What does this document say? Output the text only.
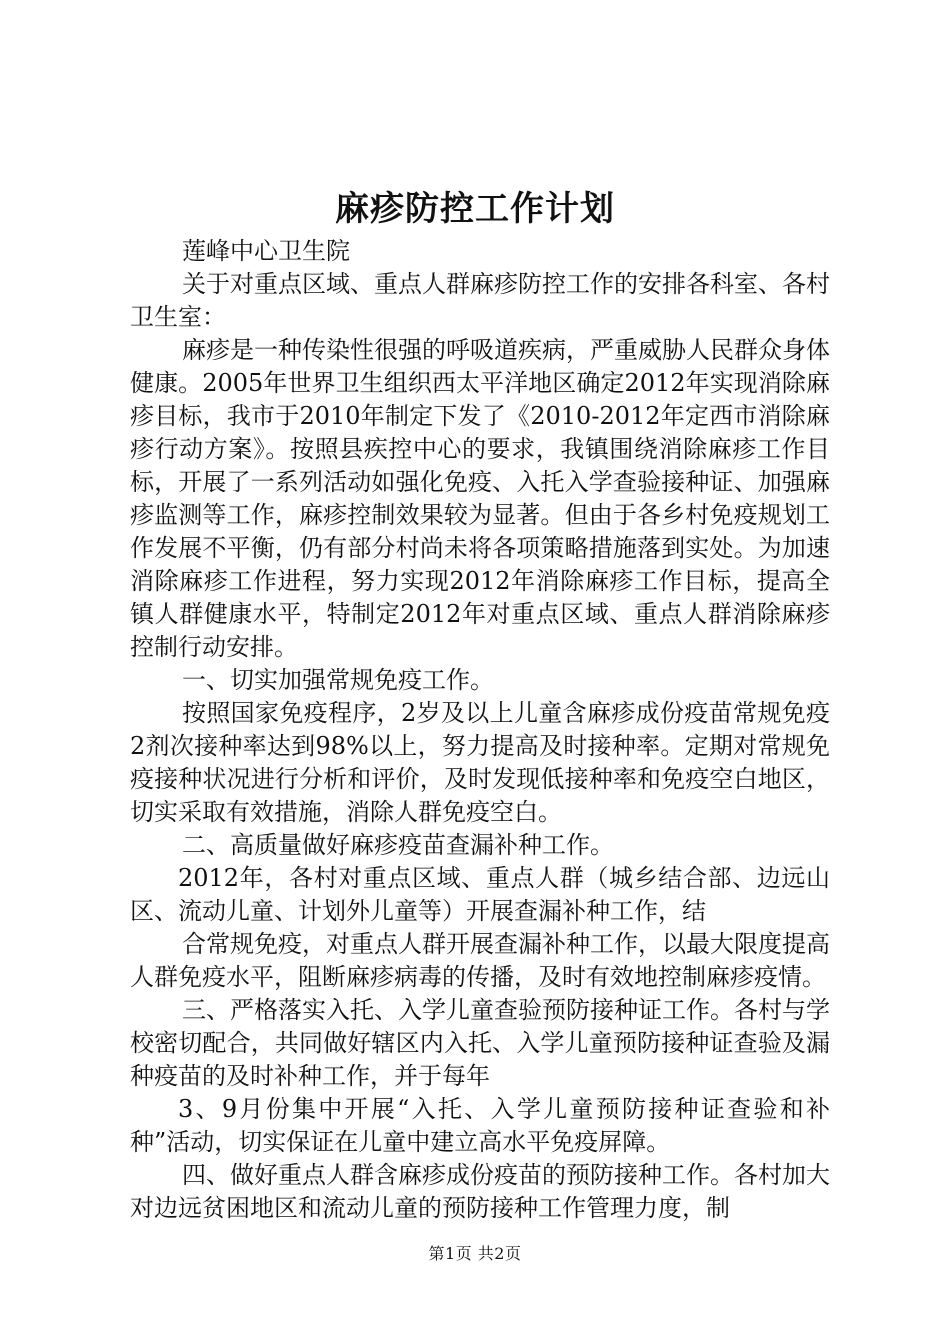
麻疹防控工作计划

莲峰中心卫生院

关于对重点区域、重点人群麻疹防控工作的安排各科室、各村卫生室：

麻疹是一种传染性很强的呼吸道疾病，严重威胁人民群众身体健康。2005年世界卫生组织西太平洋地区确定2012年实现消除麻疹目标，我市于2010年制定下发了《2010-2012年定西市消除麻疹行动方案》。按照县疾控中心的要求，我镇围绕消除麻疹工作目标，开展了一系列活动如强化免疫、入托入学查验接种证、加强麻疹监测等工作，麻疹控制效果较为显著。但由于各乡村免疫规划工作发展不平衡，仍有部分村尚未将各项策略措施落到实处。为加速消除麻疹工作进程，努力实现2012年消除麻疹工作目标，提高全镇人群健康水平，特制定2012年对重点区域、重点人群消除麻疹控制行动安排。

一、切实加强常规免疫工作。

按照国家免疫程序，2岁及以上儿童含麻疹成份疫苗常规免疫2剂次接种率达到98%以上，努力提高及时接种率。定期对常规免疫接种状况进行分析和评价，及时发现低接种率和免疫空白地区，切实采取有效措施，消除人群免疫空白。

二、高质量做好麻疹疫苗查漏补种工作。

2012年，各村对重点区域、重点人群（城乡结合部、边远山区、流动儿童、计划外儿童等）开展查漏补种工作，结

合常规免疫，对重点人群开展查漏补种工作，以最大限度提高人群免疫水平，阻断麻疹病毒的传播，及时有效地控制麻疹疫情。

三、严格落实入托、入学儿童查验预防接种证工作。各村与学校密切配合，共同做好辖区内入托、入学儿童预防接种证查验及漏种疫苗的及时补种工作，并于每年

3、9月份集中开展“入托、入学儿童预防接种证查验和补种”活动，切实保证在儿童中建立高水平免疫屏障。

四、做好重点人群含麻疹成份疫苗的预防接种工作。各村加大对边远贫困地区和流动儿童的预防接种工作管理力度，制

第1页 共2页
